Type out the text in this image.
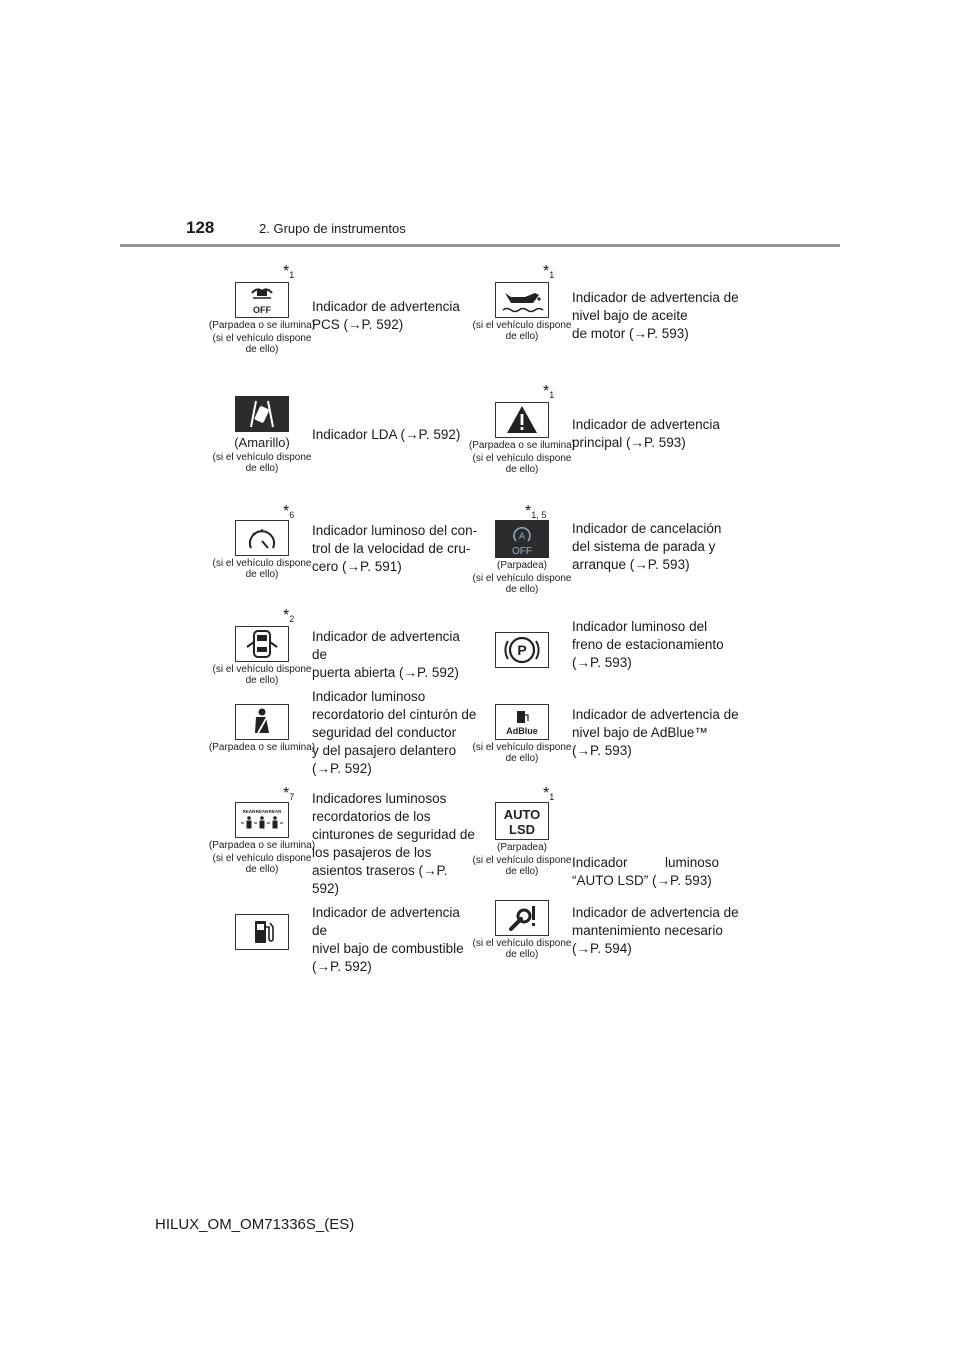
128	2. Grupo de instrumentos
$*_1$
OFF
(Parpadea o se ilumina)
(si el vehículo dispone de ello)
Indicador de advertencia
PCS (→P. 592)
$*_1$
(si el vehículo dispone de ello)
Indicador de advertencia de
nivel bajo de aceite
de motor (→P. 593)
(Amarillo)
(si el vehículo dispone de ello)
Indicador LDA (→P. 592)
$*_1$
(Parpadea o se ilumina)
(si el vehículo dispone de ello)
Indicador de advertencia
principal (→P. 593)
$*_6$
(si el vehículo dispone de ello)
Indicador luminoso del con-
trol de la velocidad de cru-
cero (→P. 591)
$*_{1, 5}$
A
OFF
(Parpadea)
(si el vehículo dispone de ello)
Indicador de cancelación
del sistema de parada y
arranque (→P. 593)
$*_2$
(si el vehículo dispone de ello)
Indicador de advertencia de
puerta abierta (→P. 592)
P
Indicador luminoso del
freno de estacionamiento
(→P. 593)
(Parpadea o se ilumina)
Indicador luminoso
recordatorio del cinturón de
seguridad del conductor
y del pasajero delantero
(→P. 592)
AdBlue
(si el vehículo dispone de ello)
Indicador de advertencia de
nivel bajo de AdBlue™
(→P. 593)
$*_7$
REAR REAR REAR
(Parpadea o se ilumina)
(si el vehículo dispone de ello)
Indicadores luminosos
recordatorios de los
cinturones de seguridad de
los pasajeros de los
asientos traseros (→P. 592)
$*_1$
AUTO
LSD
(Parpadea)
(si el vehículo dispone de ello)

Indicador          luminoso
“AUTO LSD” (→P. 593)

Indicador de advertencia de
nivel bajo de combustible
(→P. 592)
(si el vehículo dispone de ello)
Indicador de advertencia de
mantenimiento necesario
(→P. 594)
HILUX_OM_OM71336S_(ES)
